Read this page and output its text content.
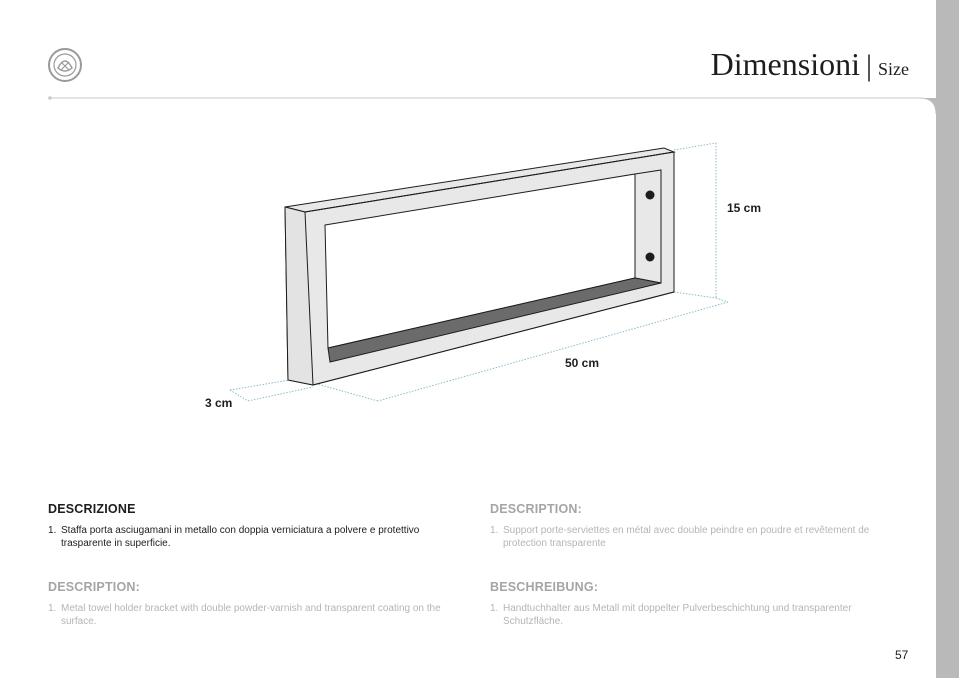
Dimensioni | Size
15 cm
50 cm
3 cm
DESCRIZIONE
1. Staffa porta asciugamani in metallo con doppia verniciatura a polvere e protettivo trasparente in superficie.
DESCRIPTION:
1. Support porte-serviettes en métal avec double peindre en poudre et revêtement de protection transparente
DESCRIPTION:
1. Metal towel holder bracket with double powder-varnish and transparent coating on the surface.
BESCHREIBUNG:
1. Handtuchhalter aus Metall mit doppelter Pulverbeschichtung und transparenter Schutzfläche.
57
